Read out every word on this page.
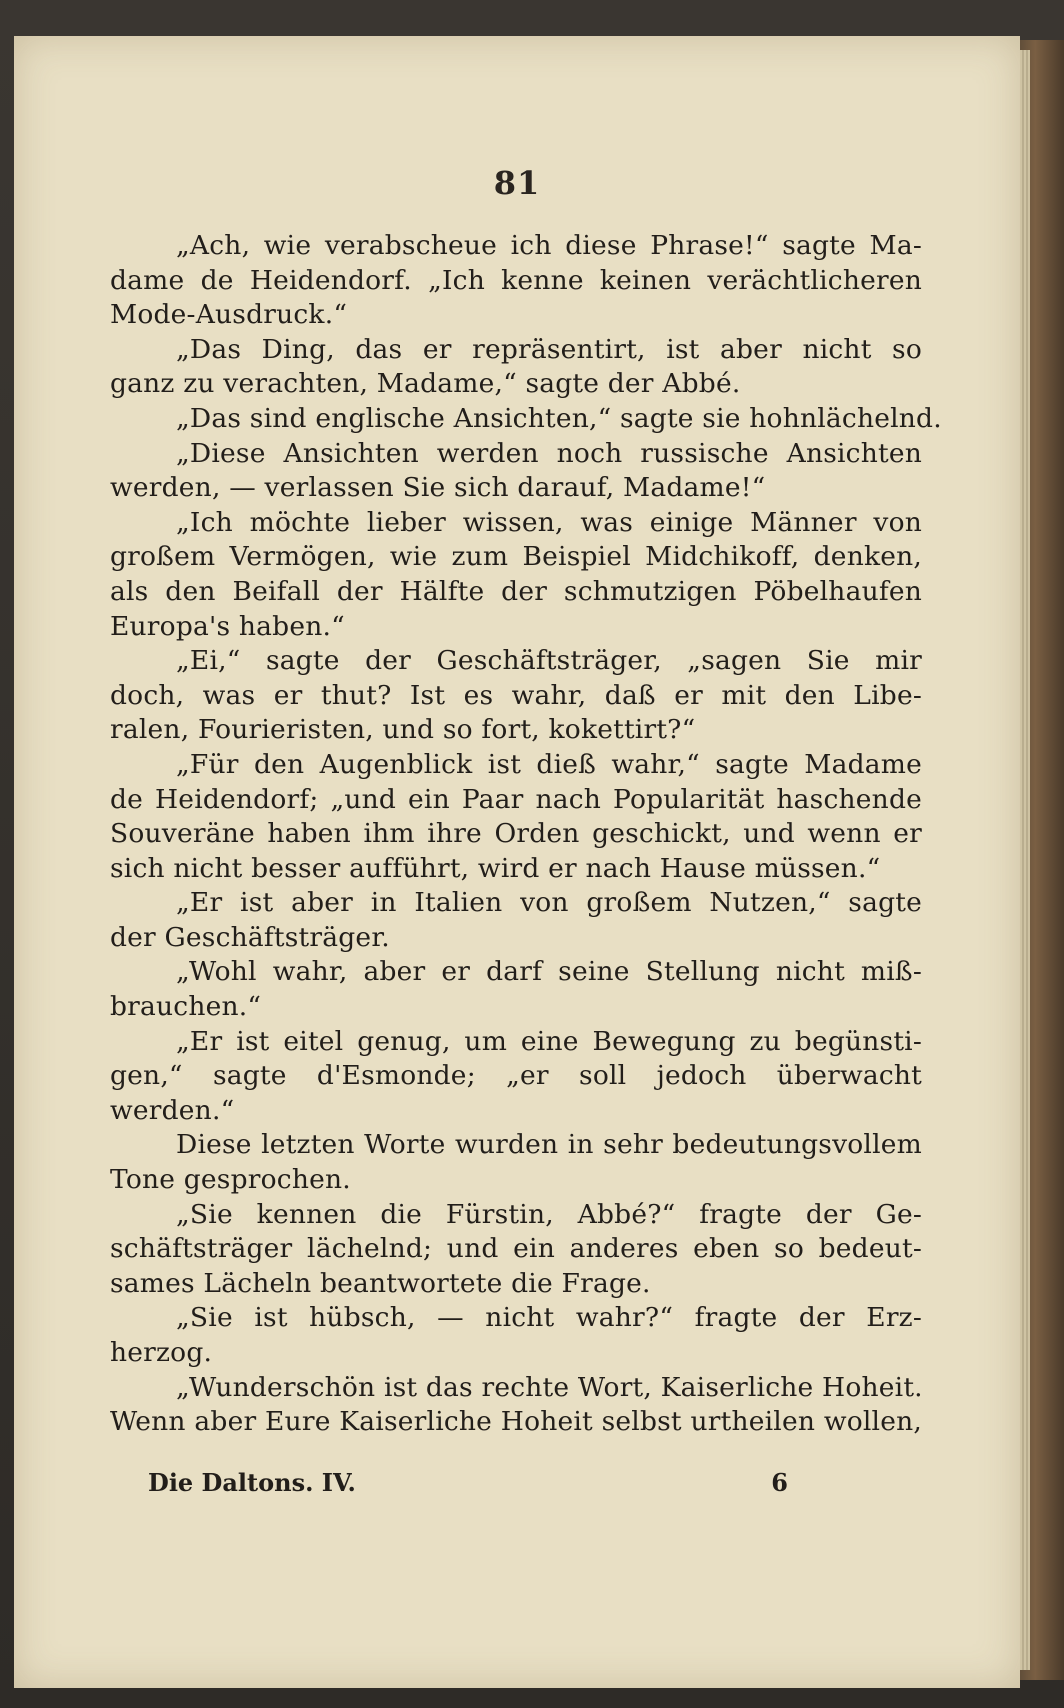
81
„Ach, wie verabscheue ich diese Phrase!“ sagte Ma-
dame de Heidendorf. „Ich kenne keinen verächtlicheren
Mode-Ausdruck.“
„Das Ding, das er repräsentirt, ist aber nicht so
ganz zu verachten, Madame,“ sagte der Abbé.
„Das sind englische Ansichten,“ sagte sie hohnlächelnd.
„Diese Ansichten werden noch russische Ansichten
werden, — verlassen Sie sich darauf, Madame!“
„Ich möchte lieber wissen, was einige Männer von
großem Vermögen, wie zum Beispiel Midchikoff, denken,
als den Beifall der Hälfte der schmutzigen Pöbelhaufen
Europa's haben.“
„Ei,“ sagte der Geschäftsträger, „sagen Sie mir
doch, was er thut? Ist es wahr, daß er mit den Libe-
ralen, Fourieristen, und so fort, kokettirt?“
„Für den Augenblick ist dieß wahr,“ sagte Madame
de Heidendorf; „und ein Paar nach Popularität haschende
Souveräne haben ihm ihre Orden geschickt, und wenn er
sich nicht besser aufführt, wird er nach Hause müssen.“
„Er ist aber in Italien von großem Nutzen,“ sagte
der Geschäftsträger.
„Wohl wahr, aber er darf seine Stellung nicht miß-
brauchen.“
„Er ist eitel genug, um eine Bewegung zu begünsti-
gen,“ sagte d'Esmonde; „er soll jedoch überwacht
werden.“
Diese letzten Worte wurden in sehr bedeutungsvollem
Tone gesprochen.
„Sie kennen die Fürstin, Abbé?“ fragte der Ge-
schäftsträger lächelnd; und ein anderes eben so bedeut-
sames Lächeln beantwortete die Frage.
„Sie ist hübsch, — nicht wahr?“ fragte der Erz-
herzog.
„Wunderschön ist das rechte Wort, Kaiserliche Hoheit.
Wenn aber Eure Kaiserliche Hoheit selbst urtheilen wollen,
Die Daltons. IV.	6
